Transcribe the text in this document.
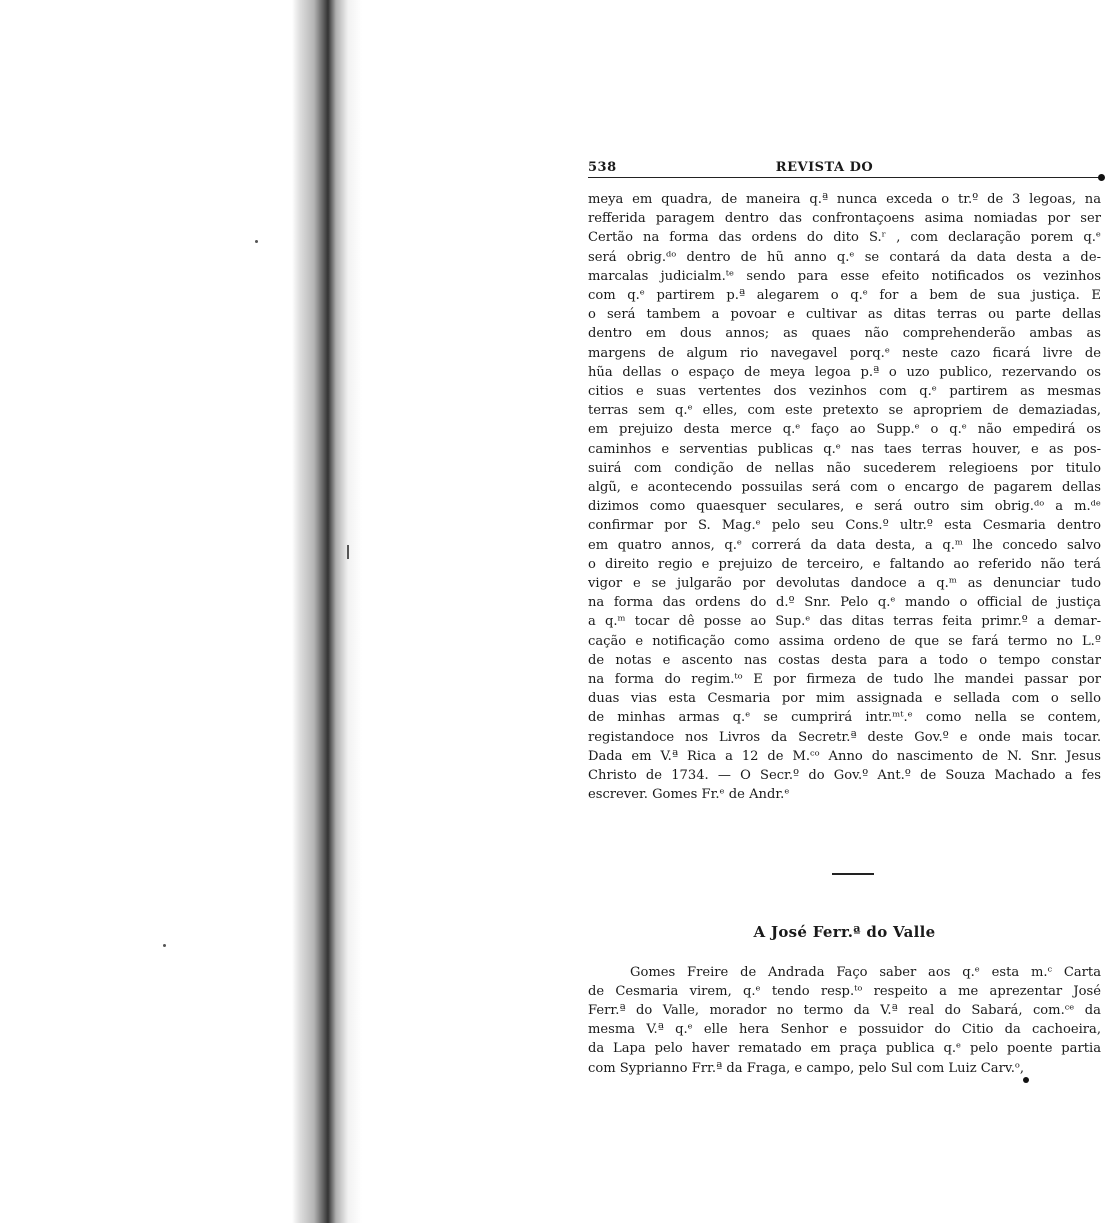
538	REVISTA DO
meya em quadra, de maneira q.ª nunca exceda o tr.º de 3 legoas, na
refferida paragem dentro das confrontaçoens asima nomiadas por ser
Certão na forma das ordens do dito S.ʳ , com declaração porem q.ᵉ
será obrig.ᵈᵒ dentro de hũ anno q.ᵉ se contará da data desta a de-
marcalas judicialm.ᵗᵉ sendo para esse efeito notificados os vezinhos
com q.ᵉ partirem p.ª alegarem o q.ᵉ for a bem de sua justiça. E
o será tambem a povoar e cultivar as ditas terras ou parte dellas
dentro em dous annos; as quaes não comprehenderão ambas as
margens de algum rio navegavel porq.ᵉ neste cazo ficará livre de
hũa dellas o espaço de meya legoa p.ª o uzo publico, rezervando os
citios e suas vertentes dos vezinhos com q.ᵉ partirem as mesmas
terras sem q.ᵉ elles, com este pretexto se apropriem de demaziadas,
em prejuizo desta merce q.ᵉ faço ao Supp.ᵉ o q.ᵉ não empedirá os
caminhos e serventias publicas q.ᵉ nas taes terras houver, e as pos-
suirá com condição de nellas não sucederem relegioens por titulo
algũ, e acontecendo possuilas será com o encargo de pagarem dellas
dizimos como quaesquer seculares, e será outro sim obrig.ᵈᵒ a m.ᵈᵉ
confirmar por S. Mag.ᵉ pelo seu Cons.º ultr.º esta Cesmaria dentro
em quatro annos, q.ᵉ correrá da data desta, a q.ᵐ lhe concedo salvo
o direito regio e prejuizo de terceiro, e faltando ao referido não terá
vigor e se julgarão por devolutas dandoce a q.ᵐ as denunciar tudo
na forma das ordens do d.º Snr. Pelo q.ᵉ mando o official de justiça
a q.ᵐ tocar dê posse ao Sup.ᵉ das ditas terras feita primr.º a demar-
cação e notificação como assima ordeno de que se fará termo no L.º
de notas e ascento nas costas desta para a todo o tempo constar
na forma do regim.ᵗᵒ E por firmeza de tudo lhe mandei passar por
duas vias esta Cesmaria por mim assignada e sellada com o sello
de minhas armas q.ᵉ se cumprirá intr.ᵐᵗ.ᵉ como nella se contem,
registandoce nos Livros da Secretr.ª deste Gov.º e onde mais tocar.
Dada em V.ª Rica a 12 de M.ᶜᵒ Anno do nascimento de N. Snr. Jesus
Christo de 1734. — O Secr.º do Gov.º Ant.º de Souza Machado a fes
escrever. Gomes Fr.ᵉ de Andr.ᵉ
A José Ferr.ª do Valle
Gomes Freire de Andrada Faço saber aos q.ᵉ esta m.ᶜ Carta
de Cesmaria virem, q.ᵉ tendo resp.ᵗᵒ respeito a me aprezentar José
Ferr.ª do Valle, morador no termo da V.ª real do Sabará, com.ᶜᵉ da
mesma V.ª q.ᵉ elle hera Senhor e possuidor do Citio da cachoeira,
da Lapa pelo haver rematado em praça publica q.ᵉ pelo poente partia
com Syprianno Frr.ª da Fraga, e campo, pelo Sul com Luiz Carv.ᵒ,
